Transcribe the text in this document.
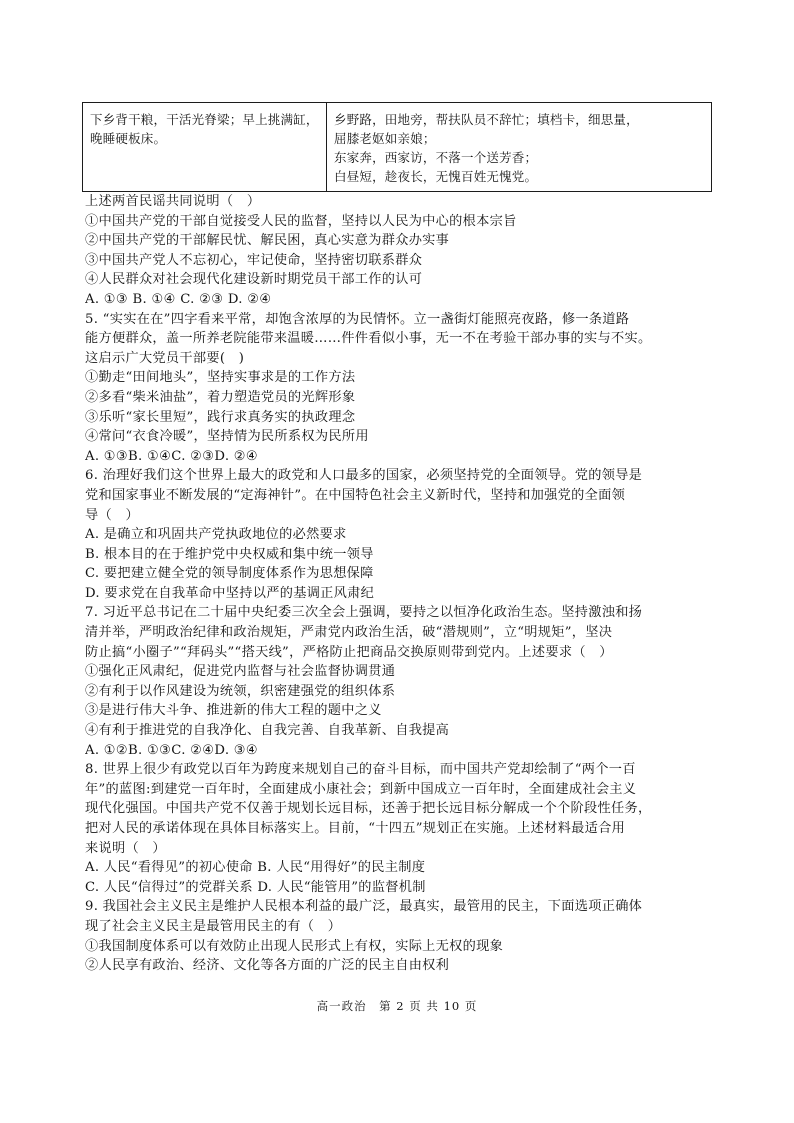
下乡背干粮，干活光脊梁；早上挑满缸，
晚睡硬板床。
乡野路，田地旁，帮扶队员不辞忙；填档卡，细思量，
屈膝老妪如亲娘；
东家奔，西家访，不落一个送芳香；
白昼短，趁夜长，无愧百姓无愧党。
上述两首民谣共同说明（　）
①中国共产党的干部自觉接受人民的监督，坚持以人民为中心的根本宗旨
②中国共产党的干部解民忧、解民困，真心实意为群众办实事
③中国共产党人不忘初心，牢记使命，坚持密切联系群众
④人民群众对社会现代化建设新时期党员干部工作的认可
A. ①③ B. ①④ C. ②③ D. ②④
5. “实实在在”四字看来平常，却饱含浓厚的为民情怀。立一盏街灯能照亮夜路，修一条道路
能方便群众，盖一所养老院能带来温暖……件件看似小事，无一不在考验干部办事的实与不实。
这启示广大党员干部要(　)
①勤走“田间地头”，坚持实事求是的工作方法
②多看“柴米油盐”，着力塑造党员的光辉形象
③乐听“家长里短”，践行求真务实的执政理念
④常问“衣食冷暖”，坚持情为民所系权为民所用
A. ①③B. ①④C. ②③D. ②④
6. 治理好我们这个世界上最大的政党和人口最多的国家，必须坚持党的全面领导。党的领导是
党和国家事业不断发展的“定海神针”。在中国特色社会主义新时代，坚持和加强党的全面领
导（　）
A. 是确立和巩固共产党执政地位的必然要求
B. 根本目的在于维护党中央权威和集中统一领导
C. 要把建立健全党的领导制度体系作为思想保障
D. 要求党在自我革命中坚持以严的基调正风肃纪
7. 习近平总书记在二十届中央纪委三次全会上强调，要持之以恒净化政治生态。坚持激浊和扬
清并举，严明政治纪律和政治规矩，严肃党内政治生活，破“潜规则”，立“明规矩”，坚决
防止搞“小圈子”“拜码头”“搭天线”，严格防止把商品交换原则带到党内。上述要求（　）
①强化正风肃纪，促进党内监督与社会监督协调贯通
②有利于以作风建设为统领，织密建强党的组织体系
③是进行伟大斗争、推进新的伟大工程的题中之义
④有利于推进党的自我净化、自我完善、自我革新、自我提高
A. ①②B. ①③C. ②④D. ③④
8. 世界上很少有政党以百年为跨度来规划自己的奋斗目标，而中国共产党却绘制了“两个一百
年”的蓝图:到建党一百年时，全面建成小康社会；到新中国成立一百年时，全面建成社会主义
现代化强国。中国共产党不仅善于规划长远目标，还善于把长远目标分解成一个个阶段性任务，
把对人民的承诺体现在具体目标落实上。目前，“十四五”规划正在实施。上述材料最适合用
来说明（　）
A. 人民“看得见”的初心使命 B. 人民“用得好”的民主制度
C. 人民“信得过”的党群关系 D. 人民“能管用”的监督机制
9. 我国社会主义民主是维护人民根本利益的最广泛，最真实，最管用的民主，下面选项正确体
现了社会主义民主是最管用民主的有（　）
①我国制度体系可以有效防止出现人民形式上有权，实际上无权的现象
②人民享有政治、经济、文化等各方面的广泛的民主自由权利
高一政治　第 2 页 共 10 页
